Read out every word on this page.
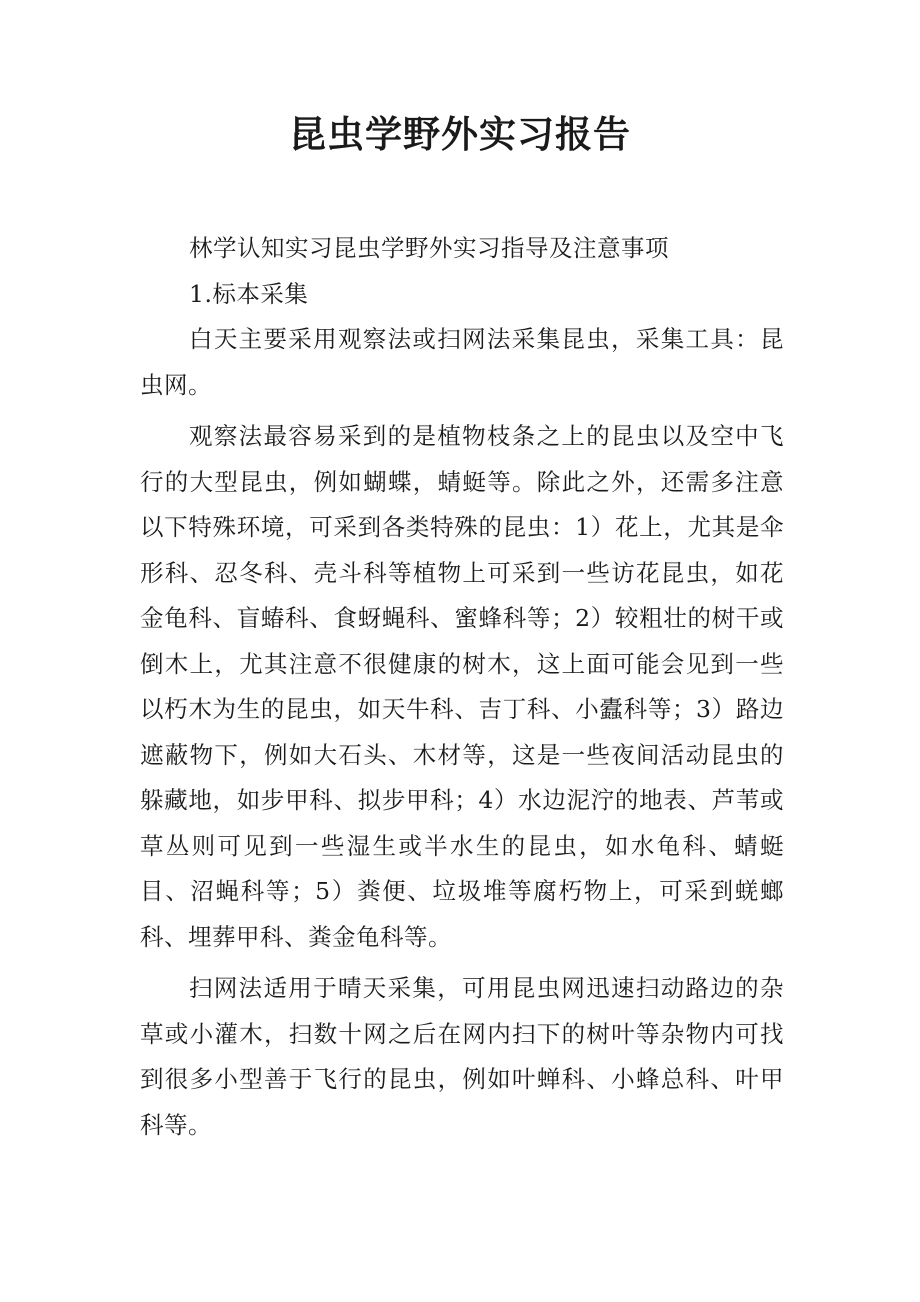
昆虫学野外实习报告

林学认知实习昆虫学野外实习指导及注意事项

1.标本采集

白天主要采用观察法或扫网法采集昆虫，采集工具：昆虫网。

观察法最容易采到的是植物枝条之上的昆虫以及空中飞行的大型昆虫，例如蝴蝶，蜻蜓等。除此之外，还需多注意以下特殊环境，可采到各类特殊的昆虫：1）花上，尤其是伞形科、忍冬科、壳斗科等植物上可采到一些访花昆虫，如花金龟科、盲蝽科、食蚜蝇科、蜜蜂科等；2）较粗壮的树干或倒木上，尤其注意不很健康的树木，这上面可能会见到一些以朽木为生的昆虫，如天牛科、吉丁科、小蠹科等；3）路边遮蔽物下，例如大石头、木材等，这是一些夜间活动昆虫的躲藏地，如步甲科、拟步甲科；4）水边泥泞的地表、芦苇或草丛则可见到一些湿生或半水生的昆虫，如水龟科、蜻蜓目、沼蝇科等；5）粪便、垃圾堆等腐朽物上，可采到蜣螂科、埋葬甲科、粪金龟科等。

扫网法适用于晴天采集，可用昆虫网迅速扫动路边的杂草或小灌木，扫数十网之后在网内扫下的树叶等杂物内可找到很多小型善于飞行的昆虫，例如叶蝉科、小蜂总科、叶甲科等。
